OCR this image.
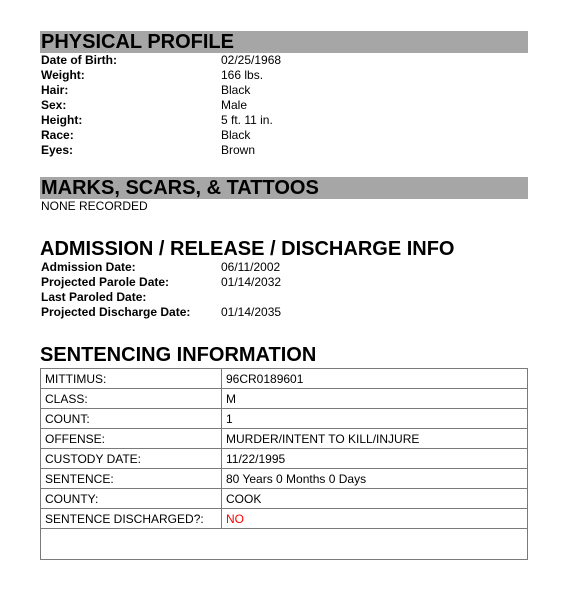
PHYSICAL PROFILE
Date of Birth:	02/25/1968
Weight:	166 lbs.
Hair:	Black
Sex:	Male
Height:	5 ft. 11 in.
Race:	Black
Eyes:	Brown
MARKS, SCARS, & TATTOOS
NONE RECORDED
ADMISSION / RELEASE / DISCHARGE INFO
Admission Date:	06/11/2002
Projected Parole Date:	01/14/2032
Last Paroled Date:
Projected Discharge Date:	01/14/2035
SENTENCING INFORMATION
MITTIMUS:	96CR0189601
CLASS:	M
COUNT:	1
OFFENSE:	MURDER/INTENT TO KILL/INJURE
CUSTODY DATE:	11/22/1995
SENTENCE:	80 Years 0 Months 0 Days
COUNTY:	COOK
SENTENCE DISCHARGED?:	NO
